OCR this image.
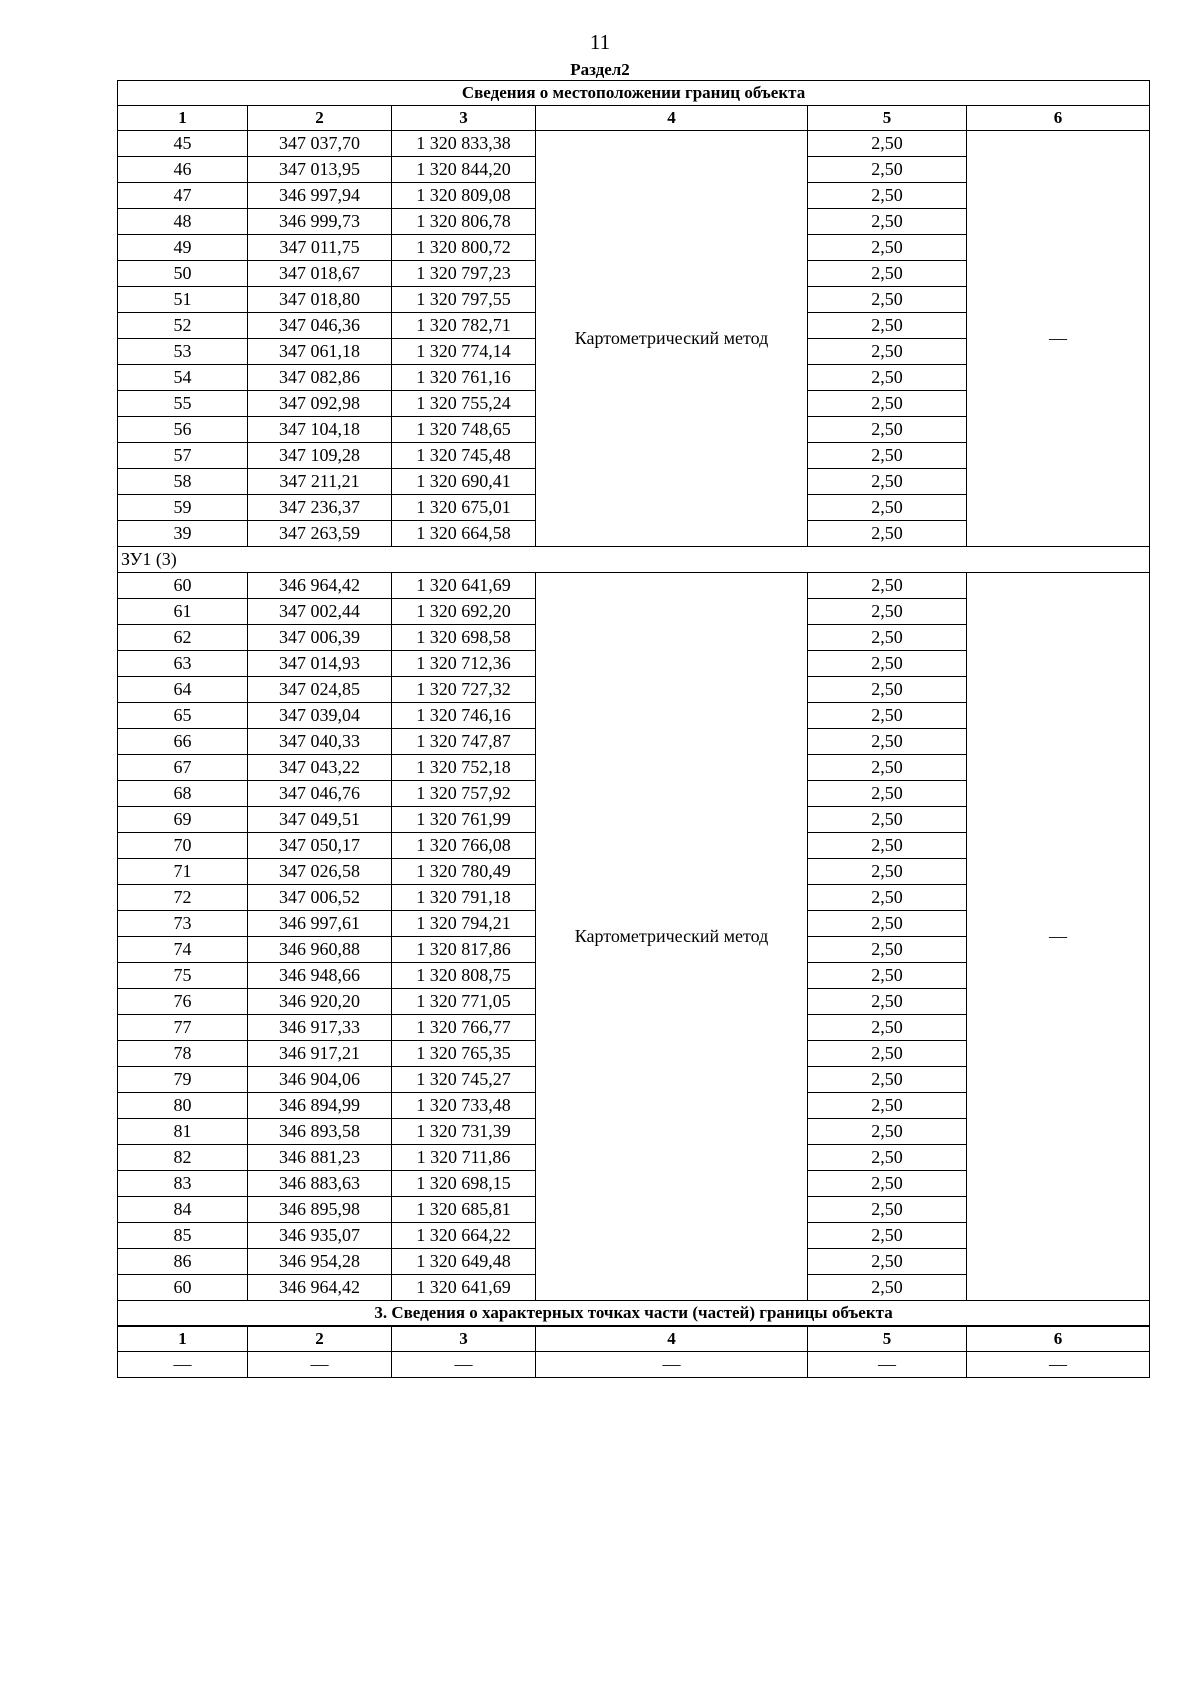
11
Раздел2
Сведения о местоположении границ объекта					
1	2	3	4	5	6
45	347 037,70	1 320 833,38	Картометрический метод	2,50	—
46	347 013,95	1 320 844,20		2,50	
47	346 997,94	1 320 809,08		2,50	
48	346 999,73	1 320 806,78		2,50	
49	347 011,75	1 320 800,72		2,50	
50	347 018,67	1 320 797,23		2,50	
51	347 018,80	1 320 797,55		2,50	
52	347 046,36	1 320 782,71		2,50	
53	347 061,18	1 320 774,14		2,50	
54	347 082,86	1 320 761,16		2,50	
55	347 092,98	1 320 755,24		2,50	
56	347 104,18	1 320 748,65		2,50	
57	347 109,28	1 320 745,48		2,50	
58	347 211,21	1 320 690,41		2,50	
59	347 236,37	1 320 675,01		2,50	
39	347 263,59	1 320 664,58		2,50	
ЗУ1 (3)					
60	346 964,42	1 320 641,69	Картометрический метод	2,50	—
61	347 002,44	1 320 692,20		2,50	
62	347 006,39	1 320 698,58		2,50	
63	347 014,93	1 320 712,36		2,50	
64	347 024,85	1 320 727,32		2,50	
65	347 039,04	1 320 746,16		2,50	
66	347 040,33	1 320 747,87		2,50	
67	347 043,22	1 320 752,18		2,50	
68	347 046,76	1 320 757,92		2,50	
69	347 049,51	1 320 761,99		2,50	
70	347 050,17	1 320 766,08		2,50	
71	347 026,58	1 320 780,49		2,50	
72	347 006,52	1 320 791,18		2,50	
73	346 997,61	1 320 794,21		2,50	
74	346 960,88	1 320 817,86		2,50	
75	346 948,66	1 320 808,75		2,50	
76	346 920,20	1 320 771,05		2,50	
77	346 917,33	1 320 766,77		2,50	
78	346 917,21	1 320 765,35		2,50	
79	346 904,06	1 320 745,27		2,50	
80	346 894,99	1 320 733,48		2,50	
81	346 893,58	1 320 731,39		2,50	
82	346 881,23	1 320 711,86		2,50	
83	346 883,63	1 320 698,15		2,50	
84	346 895,98	1 320 685,81		2,50	
85	346 935,07	1 320 664,22		2,50	
86	346 954,28	1 320 649,48		2,50	
60	346 964,42	1 320 641,69		2,50	
3. Сведения о характерных точках части (частей) границы объекта					
1	2	3	4	5	6
—	—	—	—	—	—
